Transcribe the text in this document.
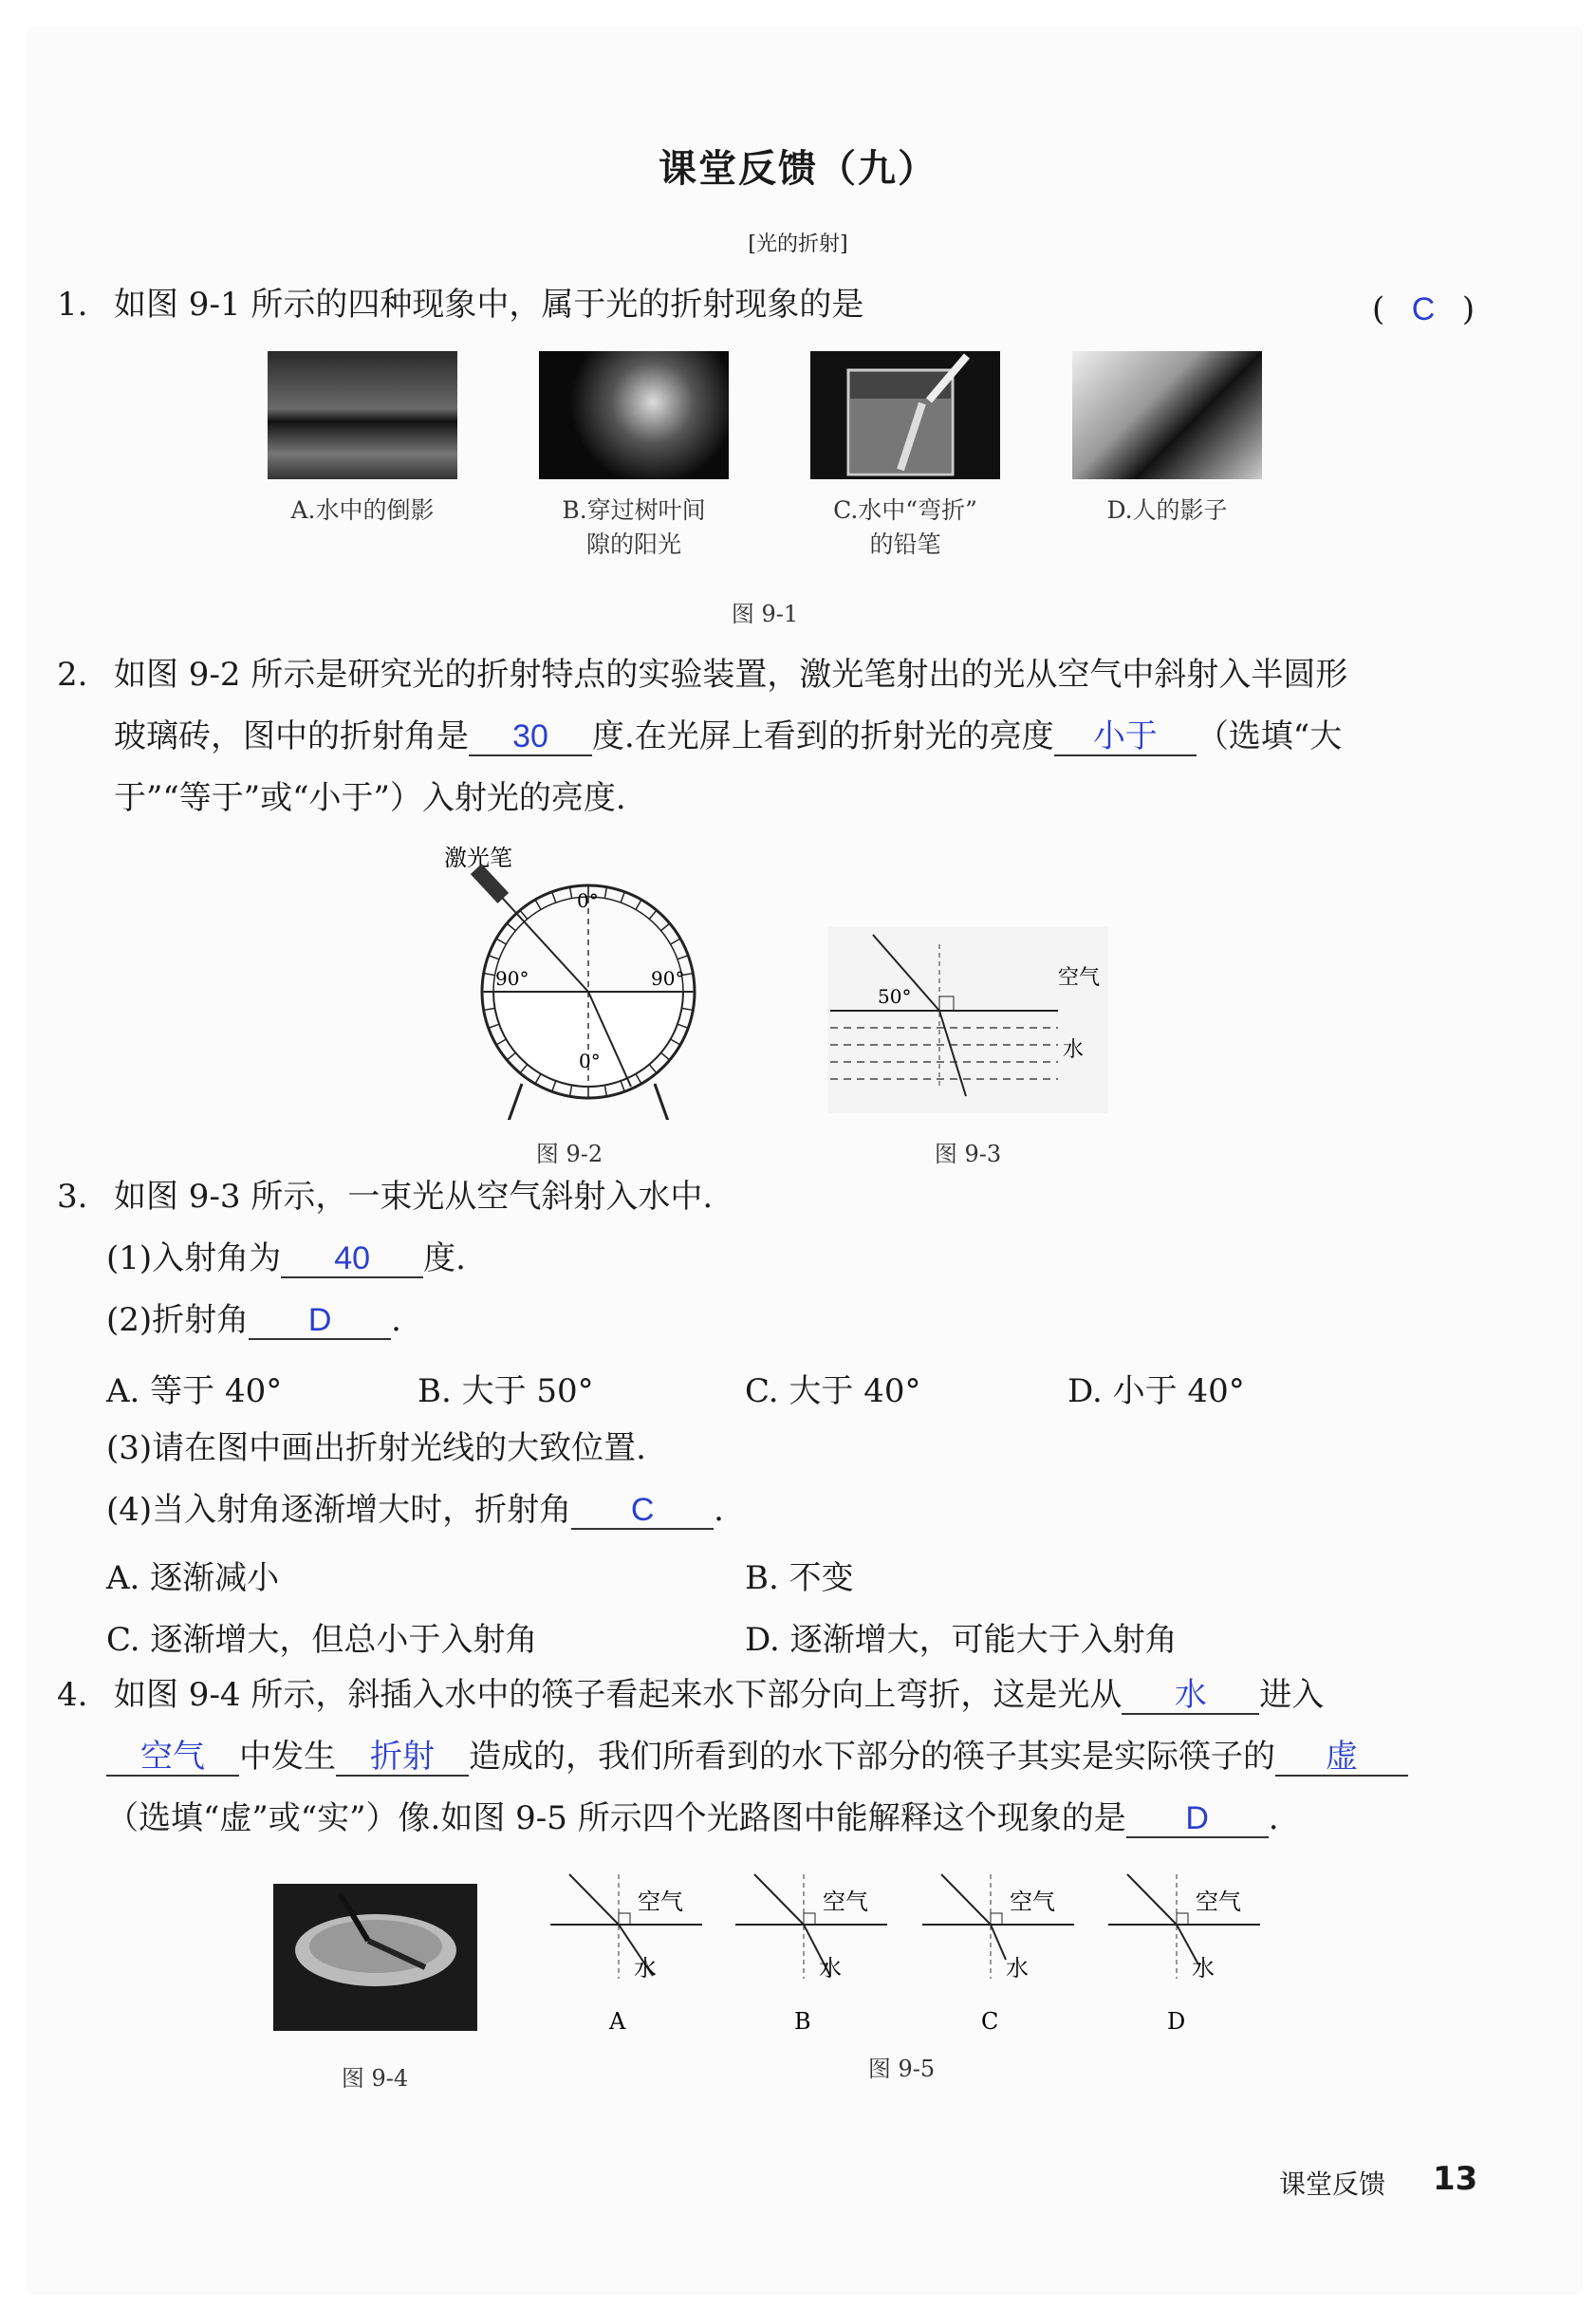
课堂反馈（九）
[光的折射]
1. 如图 9-1 所示的四种现象中，属于光的折射现象的是	( C )
A.水中的倒影	B.穿过树叶间
隙的阳光
C.水中“弯折”
的铅笔
D.人的影子
图 9-1
2. 如图 9-2 所示是研究光的折射特点的实验装置，激光笔射出的光从空气中斜射入半圆形
玻璃砖，图中的折射角是 30 度.在光屏上看到的折射光的亮度 小于 （选填“大
于”“等于”或“小于”）入射光的亮度.
激光笔
0°
90°	90°
0°
图 9-2
50°
空气
水
图 9-3
3. 如图 9-3 所示，一束光从空气斜射入水中.
(1)入射角为 40 度.
(2)折射角 D .
A. 等于 40°	B. 大于 50°	C. 大于 40°	D. 小于 40°
(3)请在图中画出折射光线的大致位置.
(4)当入射角逐渐增大时，折射角 C .
A. 逐渐减小	B. 不变
C. 逐渐增大，但总小于入射角	D. 逐渐增大，可能大于入射角
4. 如图 9-4 所示，斜插入水中的筷子看起来水下部分向上弯折，这是光从 水 进入
空气 中发生 折射 造成的，我们所看到的水下部分的筷子其实是实际筷子的 虚
（选填“虚”或“实”）像.如图 9-5 所示四个光路图中能解释这个现象的是 D .
图 9-4
空气
水
A
空气
水
B
空气
水
C
空气
水
D
图 9-5
课堂反馈 13
